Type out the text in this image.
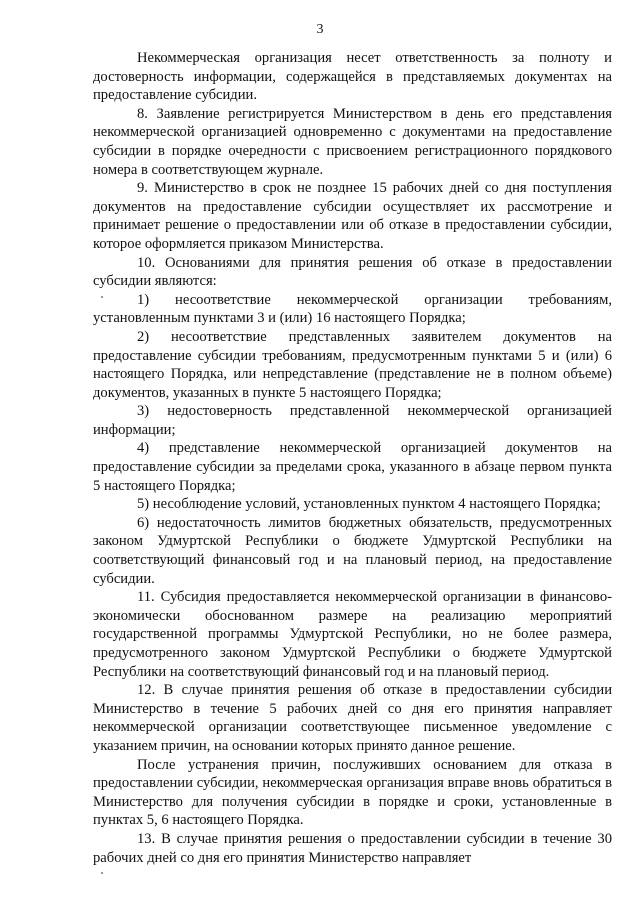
3

Некоммерческая организация несет ответственность за полноту и достоверность информации, содержащейся в представляемых документах на предоставление субсидии.

8. Заявление регистрируется Министерством в день его представления некоммерческой организацией одновременно с документами на предоставление субсидии в порядке очередности с присвоением регистрационного порядкового номера в соответствующем журнале.

9. Министерство в срок не позднее 15 рабочих дней со дня поступления документов на предоставление субсидии осуществляет их рассмотрение и принимает решение о предоставлении или об отказе в предоставлении субсидии, которое оформляется приказом Министерства.

10. Основаниями для принятия решения об отказе в предоставлении субсидии являются:

1) несоответствие некоммерческой организации требованиям, установленным пунктами 3 и (или) 16 настоящего Порядка;

2) несоответствие представленных заявителем документов на предоставление субсидии требованиям, предусмотренным пунктами 5 и (или) 6 настоящего Порядка, или непредставление (представление не в полном объеме) документов, указанных в пункте 5 настоящего Порядка;

3) недостоверность представленной некоммерческой организацией информации;

4) представление некоммерческой организацией документов на предоставление субсидии за пределами срока, указанного в абзаце первом пункта 5 настоящего Порядка;

5) несоблюдение условий, установленных пунктом 4 настоящего Порядка;

6) недостаточность лимитов бюджетных обязательств, предусмотренных законом Удмуртской Республики о бюджете Удмуртской Республики на соответствующий финансовый год и на плановый период, на предоставление субсидии.

11. Субсидия предоставляется некоммерческой организации в финансово-экономически обоснованном размере на реализацию мероприятий государственной программы Удмуртской Республики, но не более размера, предусмотренного законом Удмуртской Республики о бюджете Удмуртской Республики на соответствующий финансовый год и на плановый период.

12. В случае принятия решения об отказе в предоставлении субсидии Министерство в течение 5 рабочих дней со дня его принятия направляет некоммерческой организации соответствующее письменное уведомление с указанием причин, на основании которых принято данное решение.

После устранения причин, послуживших основанием для отказа в предоставлении субсидии, некоммерческая организация вправе вновь обратиться в Министерство для получения субсидии в порядке и сроки, установленные в пунктах 5, 6 настоящего Порядка.

13. В случае принятия решения о предоставлении субсидии в течение 30 рабочих дней со дня его принятия Министерство направляет
